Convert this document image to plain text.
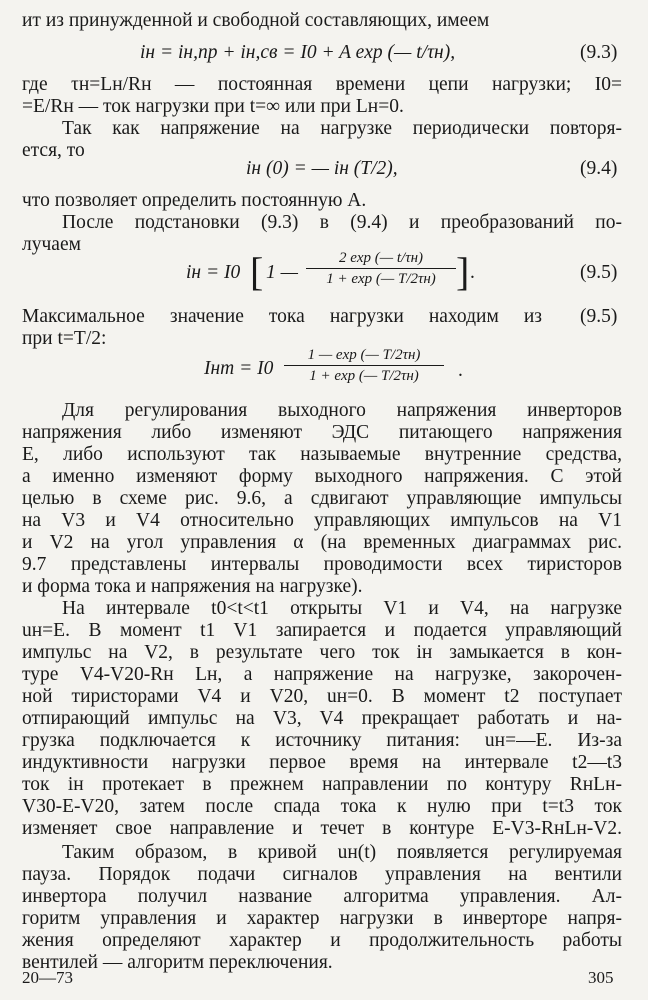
ит из принужденной и свободной составляющих, имеем
iн = iн,пр + iн,св = I0 + A exp (— t/τн),	(9.3)
где τн=Lн/Rн — постоянная времени цепи нагрузки; I0=
=E/Rн — ток нагрузки при t=∞ или при Lн=0.
Так как напряжение на нагрузке периодически повторя-
ется, то
iн (0) = — iн (T/2),	(9.4)
что позволяет определить постоянную A.
После подстановки (9.3) в (9.4) и преобразований по-
лучаем
iн = I0 [ 1 —
2 exp (— t/τн)
1 + exp (— T/2τн) ] .	(9.5)
Максимальное значение тока нагрузки находим из (9.5)
при t=T/2:
Iнm = I0
1 — exp (— T/2τн)
1 + exp (— T/2τн)	.
Для регулирования выходного напряжения инверторов
напряжения либо изменяют ЭДС питающего напряжения
E, либо используют так называемые внутренние средства,
а именно изменяют форму выходного напряжения. С этой
целью в схеме рис. 9.6, a сдвигают управляющие импульсы
на V3 и V4 относительно управляющих импульсов на V1
и V2 на угол управления α (на временных диаграммах рис.
9.7 представлены интервалы проводимости всех тиристоров
и форма тока и напряжения на нагрузке).
На интервале t0<t<t1 открыты V1 и V4, на нагрузке
uн=E. В момент t1 V1 запирается и подается управляющий
импульс на V2, в результате чего ток iн замыкается в кон-
туре V4-V20-Rн Lн, а напряжение на нагрузке, закорочен-
ной тиристорами V4 и V20, uн=0. В момент t2 поступает
отпирающий импульс на V3, V4 прекращает работать и на-
грузка подключается к источнику питания: uн=—E. Из-за
индуктивности нагрузки первое время на интервале t2—t3
ток iн протекает в прежнем направлении по контуру RнLн-
V30-E-V20, затем после спада тока к нулю при t=t3 ток
изменяет свое направление и течет в контуре E-V3-RнLн-V2.
Таким образом, в кривой uн(t) появляется регулируемая
пауза. Порядок подачи сигналов управления на вентили
инвертора получил название алгоритма управления. Ал-
горитм управления и характер нагрузки в инверторе напря-
жения определяют характер и продолжительность работы
вентилей — алгоритм переключения.
20—73	305
